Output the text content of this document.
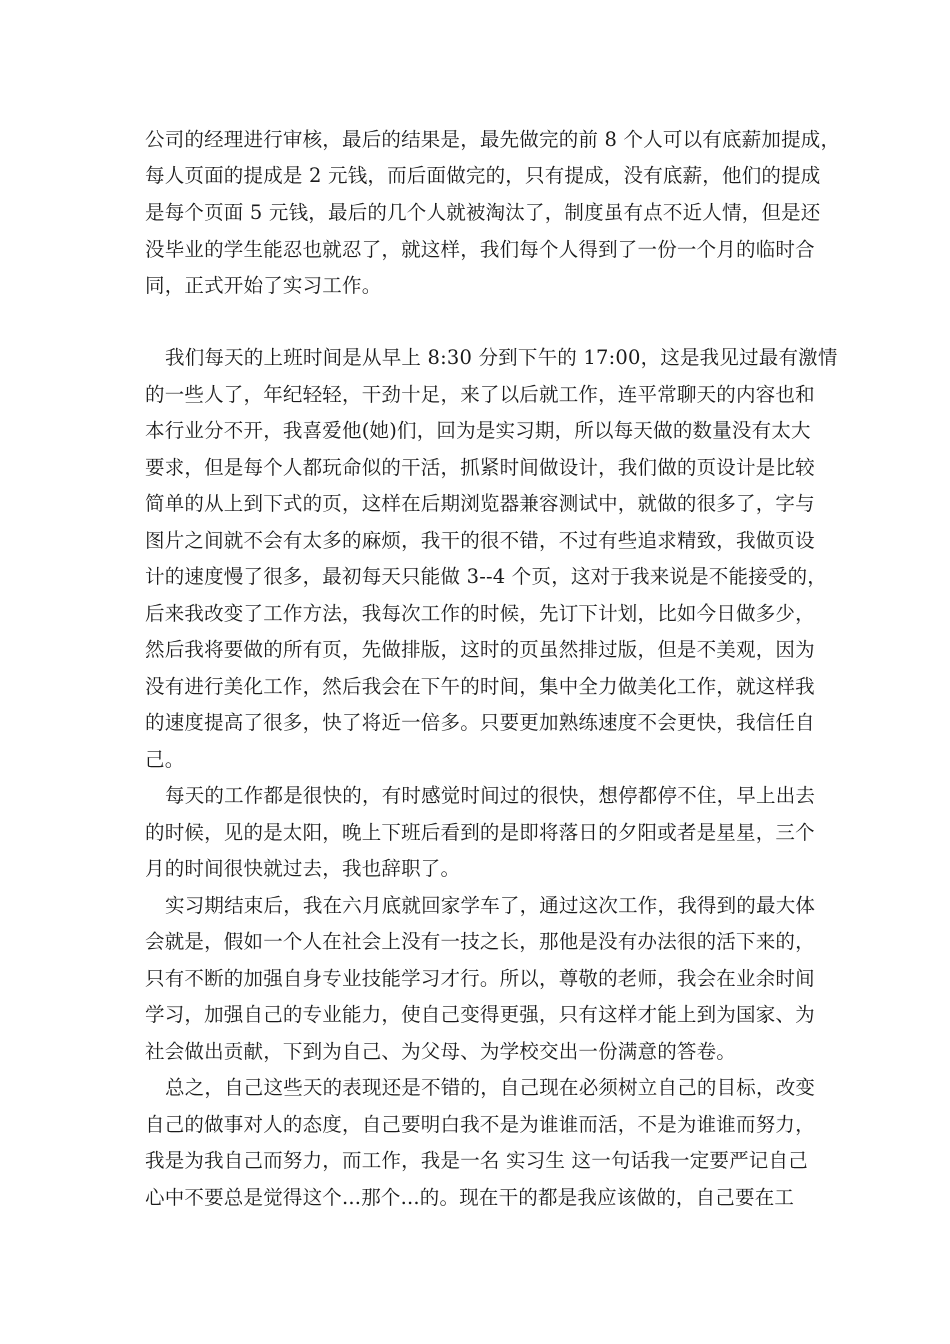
公司的经理进行审核，最后的结果是，最先做完的前 8 个人可以有底薪加提成，
每人页面的提成是 2 元钱，而后面做完的，只有提成，没有底薪，他们的提成
是每个页面 5 元钱，最后的几个人就被淘汰了，制度虽有点不近人情，但是还
没毕业的学生能忍也就忍了，就这样，我们每个人得到了一份一个月的临时合
同，正式开始了实习工作。
我们每天的上班时间是从早上 8:30 分到下午的 17:00，这是我见过最有激情
的一些人了，年纪轻轻，干劲十足，来了以后就工作，连平常聊天的内容也和
本行业分不开，我喜爱他(她)们，回为是实习期，所以每天做的数量没有太大
要求，但是每个人都玩命似的干活，抓紧时间做设计，我们做的页设计是比较
简单的从上到下式的页，这样在后期浏览器兼容测试中，就做的很多了，字与
图片之间就不会有太多的麻烦，我干的很不错，不过有些追求精致，我做页设
计的速度慢了很多，最初每天只能做 3--4 个页，这对于我来说是不能接受的，
后来我改变了工作方法，我每次工作的时候，先订下计划，比如今日做多少，
然后我将要做的所有页，先做排版，这时的页虽然排过版，但是不美观，因为
没有进行美化工作，然后我会在下午的时间，集中全力做美化工作，就这样我
的速度提高了很多，快了将近一倍多。只要更加熟练速度不会更快，我信任自
己。
每天的工作都是很快的，有时感觉时间过的很快，想停都停不住，早上出去
的时候，见的是太阳，晚上下班后看到的是即将落日的夕阳或者是星星，三个
月的时间很快就过去，我也辞职了。
实习期结束后，我在六月底就回家学车了，通过这次工作，我得到的最大体
会就是，假如一个人在社会上没有一技之长，那他是没有办法很的活下来的，
只有不断的加强自身专业技能学习才行。所以，尊敬的老师，我会在业余时间
学习，加强自己的专业能力，使自己变得更强，只有这样才能上到为国家、为
社会做出贡献，下到为自己、为父母、为学校交出一份满意的答卷。
总之，自己这些天的表现还是不错的，自己现在必须树立自己的目标，改变
自己的做事对人的态度，自己要明白我不是为谁谁而活，不是为谁谁而努力，
我是为我自己而努力，而工作，我是一名 实习生 这一句话我一定要严记自己
心中不要总是觉得这个...那个...的。现在干的都是我应该做的，自己要在工
